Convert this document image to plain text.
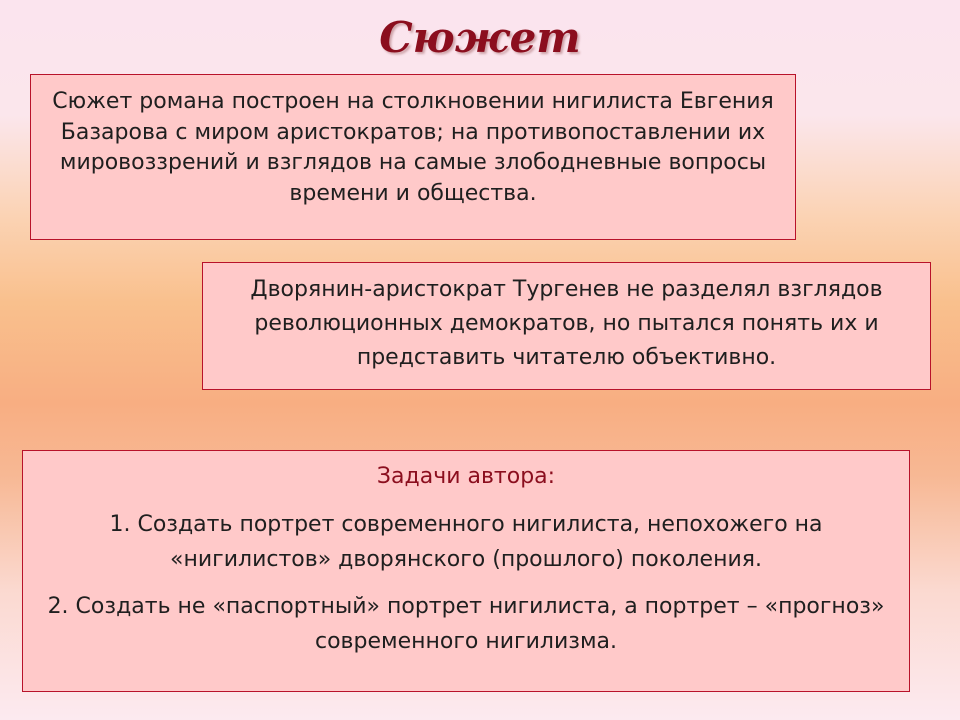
Сюжет
Сюжет романа построен на столкновении нигилиста Евгения Базарова с миром аристократов; на противопоставлении их мировоззрений и взглядов на самые злободневные вопросы времени и общества.
Дворянин-аристократ Тургенев не разделял взглядов революционных демократов, но пытался понять их и представить читателю объективно.

Задачи автора:

1. Создать портрет современного нигилиста, непохожего на «нигилистов» дворянского (прошлого) поколения.

2. Создать не «паспортный» портрет нигилиста, а портрет – «прогноз» современного нигилизма.
